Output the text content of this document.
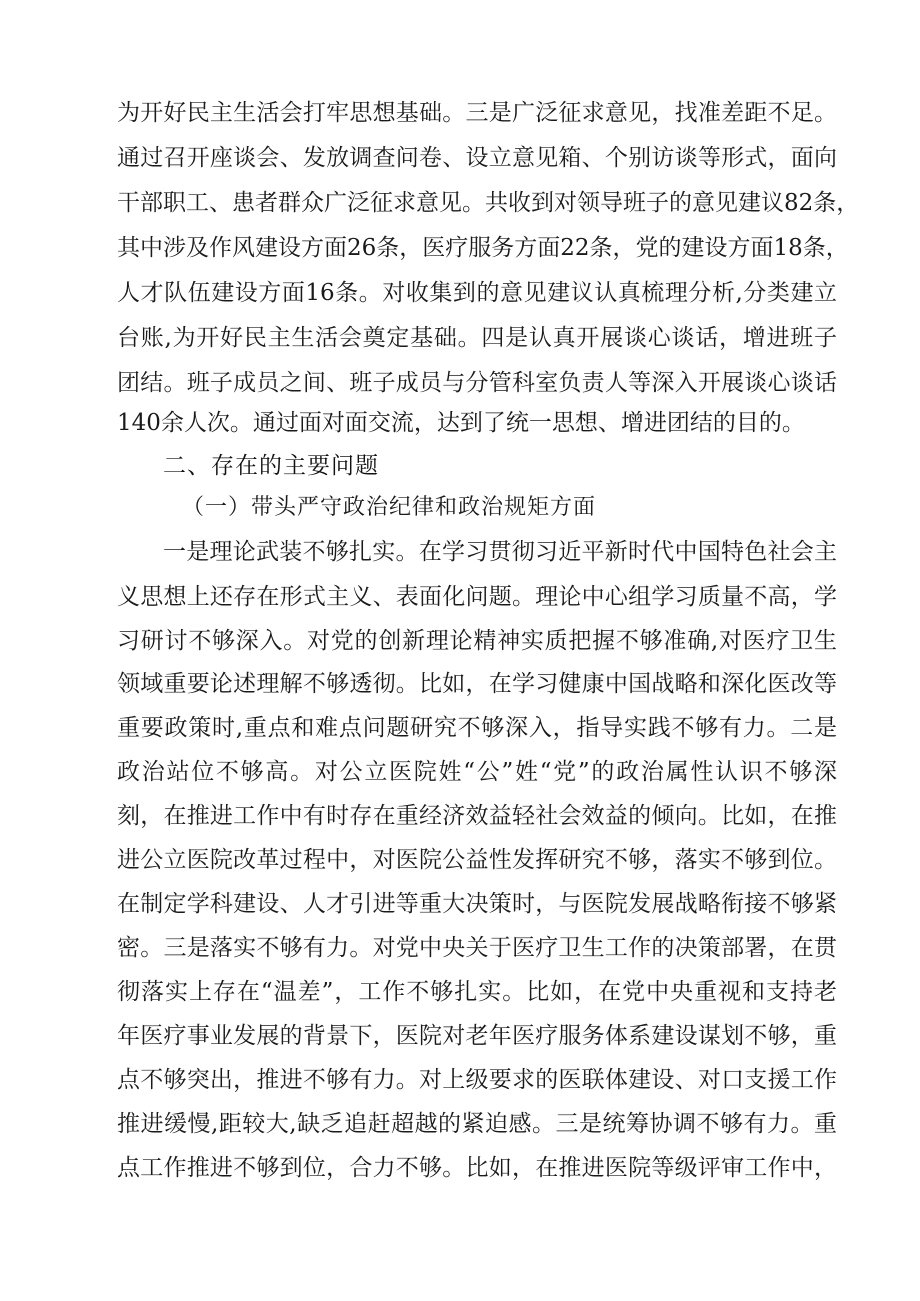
为开好民主生活会打牢思想基础。三是广泛征求意见，找准差距不足。
通过召开座谈会、发放调查问卷、设立意见箱、个别访谈等形式，面向
干部职工、患者群众广泛征求意见。共收到对领导班子的意见建议82条，
其中涉及作风建设方面26条，医疗服务方面22条，党的建设方面18条，
人才队伍建设方面16条。对收集到的意见建议认真梳理分析,分类建立
台账,为开好民主生活会奠定基础。四是认真开展谈心谈话，增进班子
团结。班子成员之间、班子成员与分管科室负责人等深入开展谈心谈话
140余人次。通过面对面交流，达到了统一思想、增进团结的目的。
二、存在的主要问题
（一）带头严守政治纪律和政治规矩方面
一是理论武装不够扎实。在学习贯彻习近平新时代中国特色社会主
义思想上还存在形式主义、表面化问题。理论中心组学习质量不高，学
习研讨不够深入。对党的创新理论精神实质把握不够准确,对医疗卫生
领域重要论述理解不够透彻。比如，在学习健康中国战略和深化医改等
重要政策时,重点和难点问题研究不够深入，指导实践不够有力。二是
政治站位不够高。对公立医院姓“公”姓“党”的政治属性认识不够深
刻，在推进工作中有时存在重经济效益轻社会效益的倾向。比如，在推
进公立医院改革过程中，对医院公益性发挥研究不够，落实不够到位。
在制定学科建设、人才引进等重大决策时，与医院发展战略衔接不够紧
密。三是落实不够有力。对党中央关于医疗卫生工作的决策部署，在贯
彻落实上存在“温差”，工作不够扎实。比如，在党中央重视和支持老
年医疗事业发展的背景下，医院对老年医疗服务体系建设谋划不够，重
点不够突出，推进不够有力。对上级要求的医联体建设、对口支援工作
推进缓慢,距较大,缺乏追赶超越的紧迫感。三是统筹协调不够有力。重
点工作推进不够到位，合力不够。比如，在推进医院等级评审工作中，
